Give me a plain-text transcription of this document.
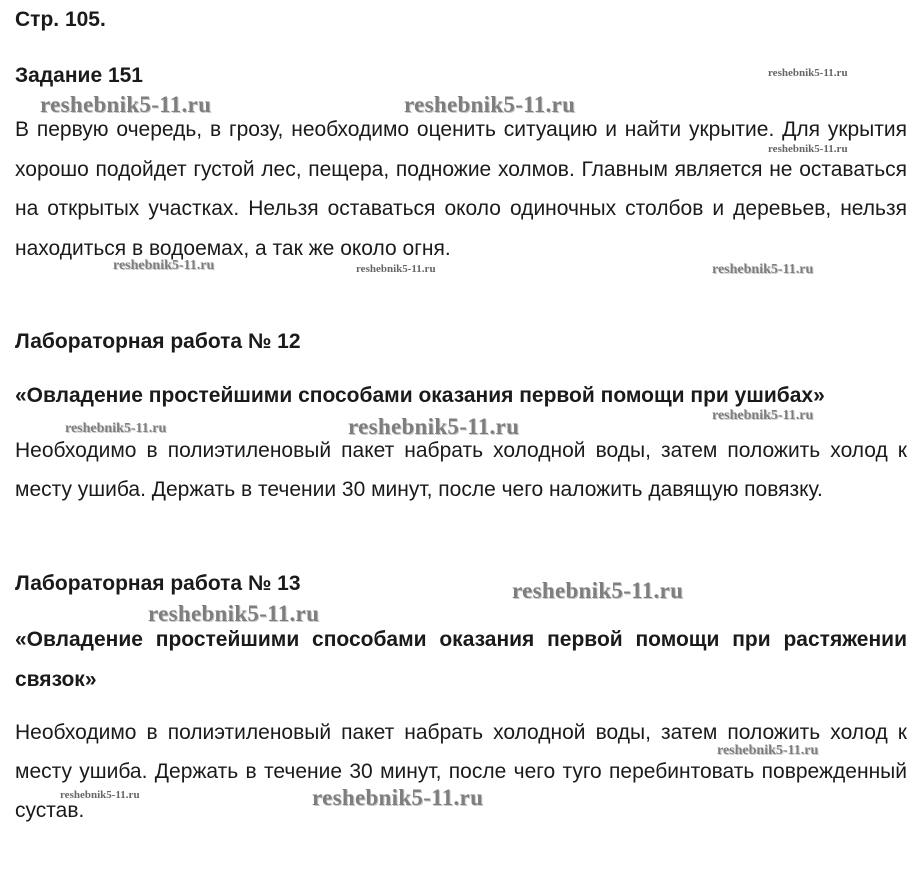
Стр. 105.
Задание 151
В первую очередь, в грозу, необходимо оценить ситуацию и найти укрытие. Для укрытия хорошо подойдет густой лес, пещера, подножие холмов. Главным является не оставаться на открытых участках. Нельзя оставаться около одиночных столбов и деревьев, нельзя находиться в водоемах, а так же около огня.
Лабораторная работа № 12
«Овладение простейшими способами оказания первой помощи при ушибах»
Необходимо в полиэтиленовый пакет набрать холодной воды, затем положить холод к месту ушиба. Держать в течении 30 минут, после чего наложить давящую повязку.
Лабораторная работа № 13
«Овладение простейшими способами оказания первой помощи при растяжении связок»
Необходимо в полиэтиленовый пакет набрать холодной воды, затем положить холод к месту ушиба. Держать в течение 30 минут, после чего туго перебинтовать поврежденный сустав.
reshebnik5-11.ru
reshebnik5-11.ru	reshebnik5-11.ru
reshebnik5-11.ru
reshebnik5-11.ru	reshebnik5-11.ru	reshebnik5-11.ru
reshebnik5-11.ru
reshebnik5-11.ru	reshebnik5-11.ru
reshebnik5-11.ru
reshebnik5-11.ru
reshebnik5-11.ru
reshebnik5-11.ru	reshebnik5-11.ru
